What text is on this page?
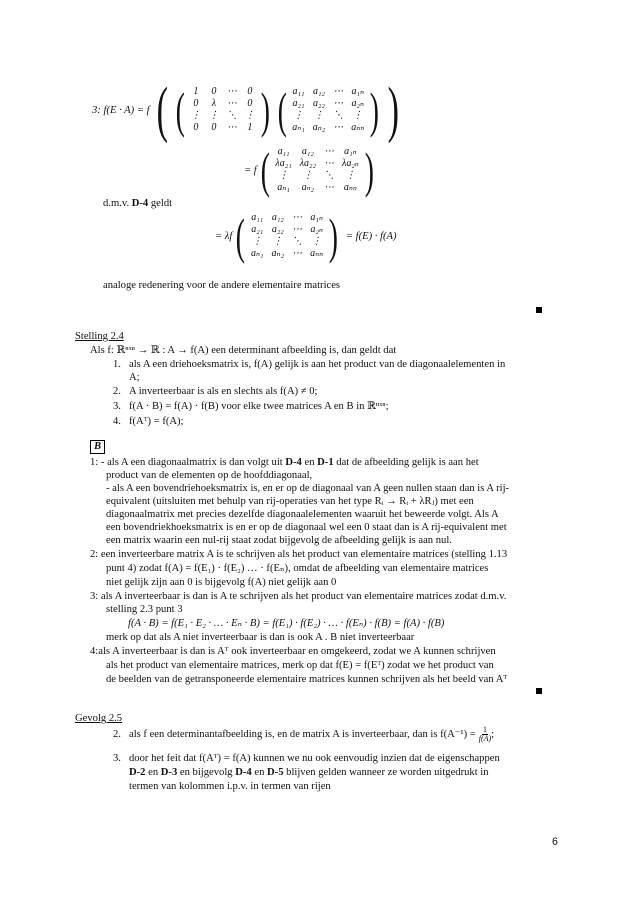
3: f(E · A) = f ( ( 1 0 ⋯ 0
0 λ ⋯ 0
⋮ ⋮ ⋱ ⋮
0 0 ⋯ 1 ) ( a₁₁ a₁₂ ⋯ a₁ₙ
a₂₁ a₂₂ ⋯ a₂ₙ
⋮ ⋮ ⋱ ⋮
aₙ₁ aₙ₂ ⋯ aₙₙ ) )
= f ( a₁₁ a₁₂ ⋯ a₁ₙ
λa₂₁ λa₂₂ ⋯ λa₂ₙ
⋮	⋮	⋱	⋮
aₙ₁ aₙ₂ ⋯ aₙₙ )
d.m.v. D-4 geldt
= λf ( a₁₁ a₁₂ ⋯ a₁ₙ
a₂₁ a₂₂ ⋯ a₂ₙ
⋮ ⋮ ⋱ ⋮
aₙ₁ aₙ₂ ⋯ aₙₙ ) = f(E) · f(A)
analoge redenering voor de andere elementaire matrices
Stelling 2.4
Als f: ℝⁿˣⁿ → ℝ : A → f(A) een determinant afbeelding is, dan geldt dat
1. als A een driehoeksmatrix is, f(A) gelijk is aan het product van de diagonaalelementen in
A;
2. A inverteerbaar is als en slechts als f(A) ≠ 0;
3. f(A · B) = f(A) · f(B) voor elke twee matrices A en B in ℝⁿˣⁿ;
4. f(Aᵀ) = f(A);
B
1: - als A een diagonaalmatrix is dan volgt uit D-4 en D-1 dat de afbeelding gelijk is aan het
product van de elementen op de hoofddiagonaal,
- als A een bovendriehoeksmatrix is, en er op de diagonaal van A geen nullen staan dan is A rij-
equivalent (uitsluiten met behulp van rij-operaties van het type Rᵢ → Rᵢ + λRⱼ) met een
diagonaalmatrix met precies dezelfde diagonaalelementen waaruit het beweerde volgt. Als A
een bovendriekhoeksmatrix is en er op de diagonaal wel een 0 staat dan is A rij-equivalent met
een matrix waarin een nul-rij staat zodat bijgevolg de afbeelding gelijk is aan nul.
2: een inverteerbare matrix A is te schrijven als het product van elementaire matrices (stelling 1.13
punt 4) zodat f(A) = f(E₁) · f(E₂) … · f(Eₙ), omdat de afbeelding van elementaire matrices
niet gelijk zijn aan 0 is bijgevolg f(A) niet gelijk aan 0
3: als A inverteerbaar is dan is A te schrijven als het product van elementaire matrices zodat d.m.v.
stelling 2.3 punt 3
f(A · B) = f(E₁ · E₂ · … · Eₙ · B) = f(E₁) · f(E₂) · … · f(Eₙ) · f(B) = f(A) · f(B)
merk op dat als A niet inverteerbaar is dan is ook A . B niet inverteerbaar
4:als A inverteerbaar is dan is Aᵀ ook inverteerbaar en omgekeerd, zodat we A kunnen schrijven
als het product van elementaire matrices, merk op dat f(E) = f(Eᵀ) zodat we het product van
de beelden van de getransponeerde elementaire matrices kunnen schrijven als het beeld van Aᵀ
Gevolg 2.5
2. als f een determinantafbeelding is, en de matrix A is inverteerbaar, dan is $f(A^{-1}) = \frac{1}{f(A)}$ ;
3. door het feit dat f(Aᵀ) = f(A) kunnen we nu ook eenvoudig inzien dat de eigenschappen
D-2 en D-3 en bijgevolg D-4 en D-5 blijven gelden wanneer ze worden uitgedrukt in
termen van kolommen i.p.v. in termen van rijen
6
